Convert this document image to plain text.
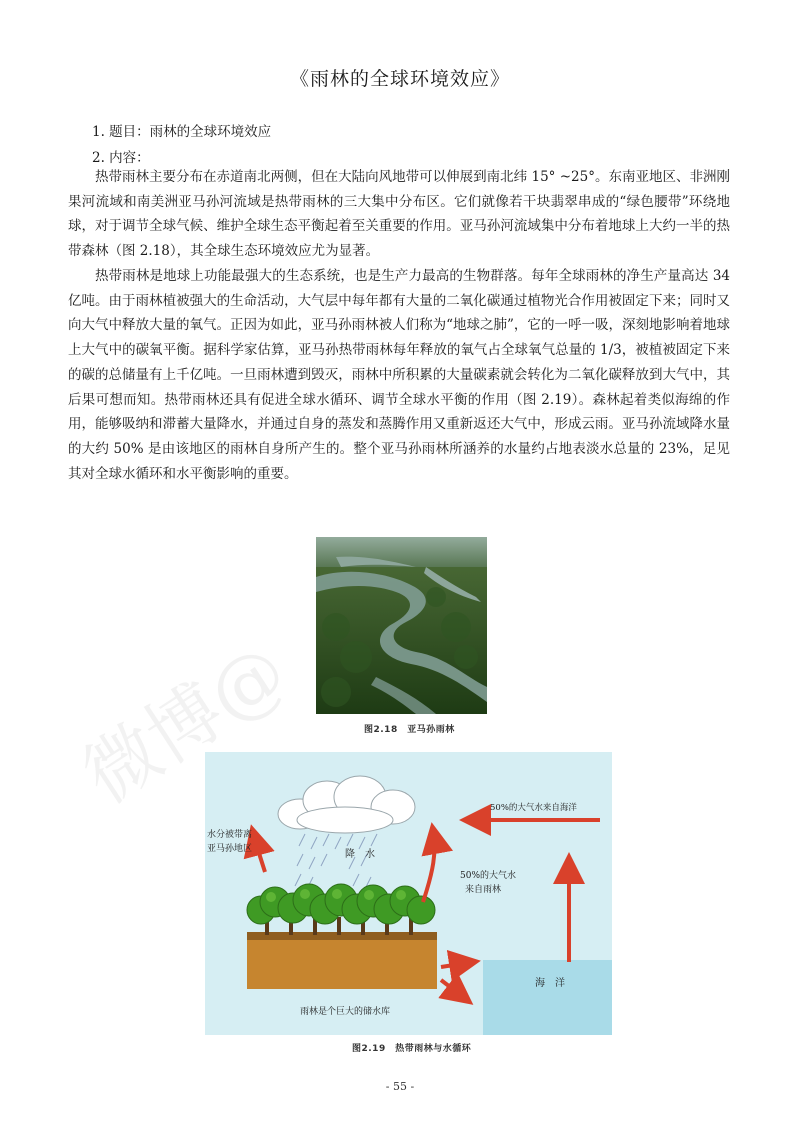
微博@
《雨林的全球环境效应》
1. 题目：雨林的全球环境效应
2. 内容：

热带雨林主要分布在赤道南北两侧，但在大陆向风地带可以伸展到南北纬 15° ~25°。东南亚地区、非洲刚果河流域和南美洲亚马孙河流域是热带雨林的三大集中分布区。它们就像若干块翡翠串成的“绿色腰带”环绕地球，对于调节全球气候、维护全球生态平衡起着至关重要的作用。亚马孙河流域集中分布着地球上大约一半的热带森林（图 2.18），其全球生态环境效应尤为显著。

热带雨林是地球上功能最强大的生态系统，也是生产力最高的生物群落。每年全球雨林的净生产量高达 34 亿吨。由于雨林植被强大的生命活动，大气层中每年都有大量的二氧化碳通过植物光合作用被固定下来；同时又向大气中释放大量的氧气。正因为如此，亚马孙雨林被人们称为“地球之肺”，它的一呼一吸，深刻地影响着地球上大气中的碳氧平衡。据科学家估算，亚马孙热带雨林每年释放的氧气占全球氧气总量的 1/3，被植被固定下来的碳的总储量有上千亿吨。一旦雨林遭到毁灭，雨林中所积累的大量碳素就会转化为二氧化碳释放到大气中，其后果可想而知。热带雨林还具有促进全球水循环、调节全球水平衡的作用（图 2.19）。森林起着类似海绵的作用，能够吸纳和滞蓄大量降水，并通过自身的蒸发和蒸腾作用又重新返还大气中，形成云雨。亚马孙流域降水量的大约 50% 是由该地区的雨林自身所产生的。整个亚马孙雨林所涵养的水量约占地表淡水总量的 23%，足见其对全球水循环和水平衡影响的重要。

图2.18　亚马孙雨林
水分被带离
亚马孙地区	降　水
50%的大气水
来自雨林
50%的大气水来自海洋
海　洋
雨林是个巨大的储水库
图2.19　热带雨林与水循环
- 55 -
